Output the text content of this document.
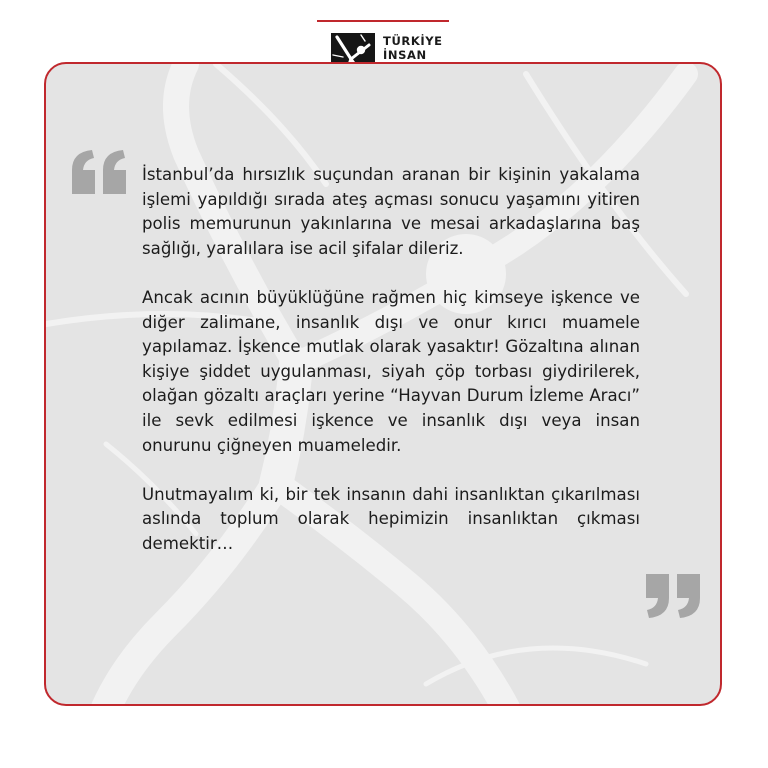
TÜRKİYE
İNSAN

İstanbul’da hırsızlık suçundan aranan bir kişinin yakalama işlemi yapıldığı sırada ateş açması sonucu yaşamını yitiren polis memurunun yakınlarına ve mesai arkadaşlarına baş sağlığı, yaralılara ise acil şifalar dileriz.

Ancak acının büyüklüğüne rağmen hiç kimseye işkence ve diğer zalimane, insanlık dışı ve onur kırıcı muamele yapılamaz. İşkence mutlak olarak yasaktır! Gözaltına alınan kişiye şiddet uygulanması, siyah çöp torbası giydirilerek, olağan gözaltı araçları yerine “Hayvan Durum İzleme Aracı” ile sevk edilmesi işkence ve insanlık dışı veya insan onurunu çiğneyen muameledir.

Unutmayalım ki, bir tek insanın dahi insanlıktan çıkarılması aslında toplum olarak hepimizin insanlıktan çıkması demektir…
